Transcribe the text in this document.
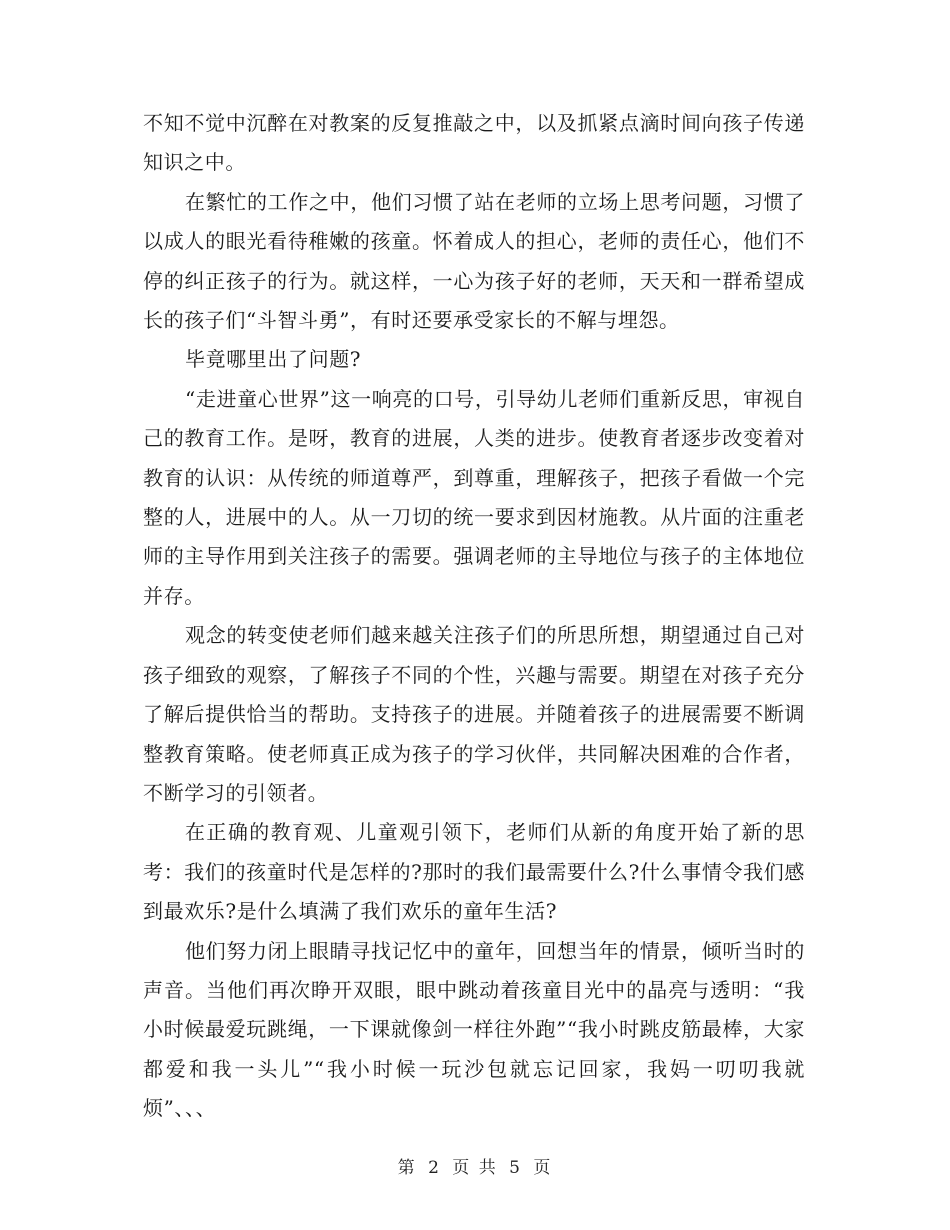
不知不觉中沉醉在对教案的反复推敲之中，以及抓紧点滴时间向孩子传递知识之中。

在繁忙的工作之中，他们习惯了站在老师的立场上思考问题，习惯了以成人的眼光看待稚嫩的孩童。怀着成人的担心，老师的责任心，他们不停的纠正孩子的行为。就这样，一心为孩子好的老师，天天和一群希望成长的孩子们“斗智斗勇”，有时还要承受家长的不解与埋怨。

毕竟哪里出了问题?

“走进童心世界”这一响亮的口号，引导幼儿老师们重新反思，审视自己的教育工作。是呀，教育的进展，人类的进步。使教育者逐步改变着对教育的认识：从传统的师道尊严，到尊重，理解孩子，把孩子看做一个完整的人，进展中的人。从一刀切的统一要求到因材施教。从片面的注重老师的主导作用到关注孩子的需要。强调老师的主导地位与孩子的主体地位并存。

观念的转变使老师们越来越关注孩子们的所思所想，期望通过自己对孩子细致的观察，了解孩子不同的个性，兴趣与需要。期望在对孩子充分了解后提供恰当的帮助。支持孩子的进展。并随着孩子的进展需要不断调整教育策略。使老师真正成为孩子的学习伙伴，共同解决困难的合作者，不断学习的引领者。

在正确的教育观、儿童观引领下，老师们从新的角度开始了新的思考：我们的孩童时代是怎样的?那时的我们最需要什么?什么事情令我们感到最欢乐?是什么填满了我们欢乐的童年生活?

他们努力闭上眼睛寻找记忆中的童年，回想当年的情景，倾听当时的声音。当他们再次睁开双眼，眼中跳动着孩童目光中的晶亮与透明：“我小时候最爱玩跳绳，一下课就像剑一样往外跑”“我小时跳皮筋最棒，大家都爱和我一头儿”“我小时候一玩沙包就忘记回家，我妈一叨叨我就烦”、、、

第 2 页 共 5 页
